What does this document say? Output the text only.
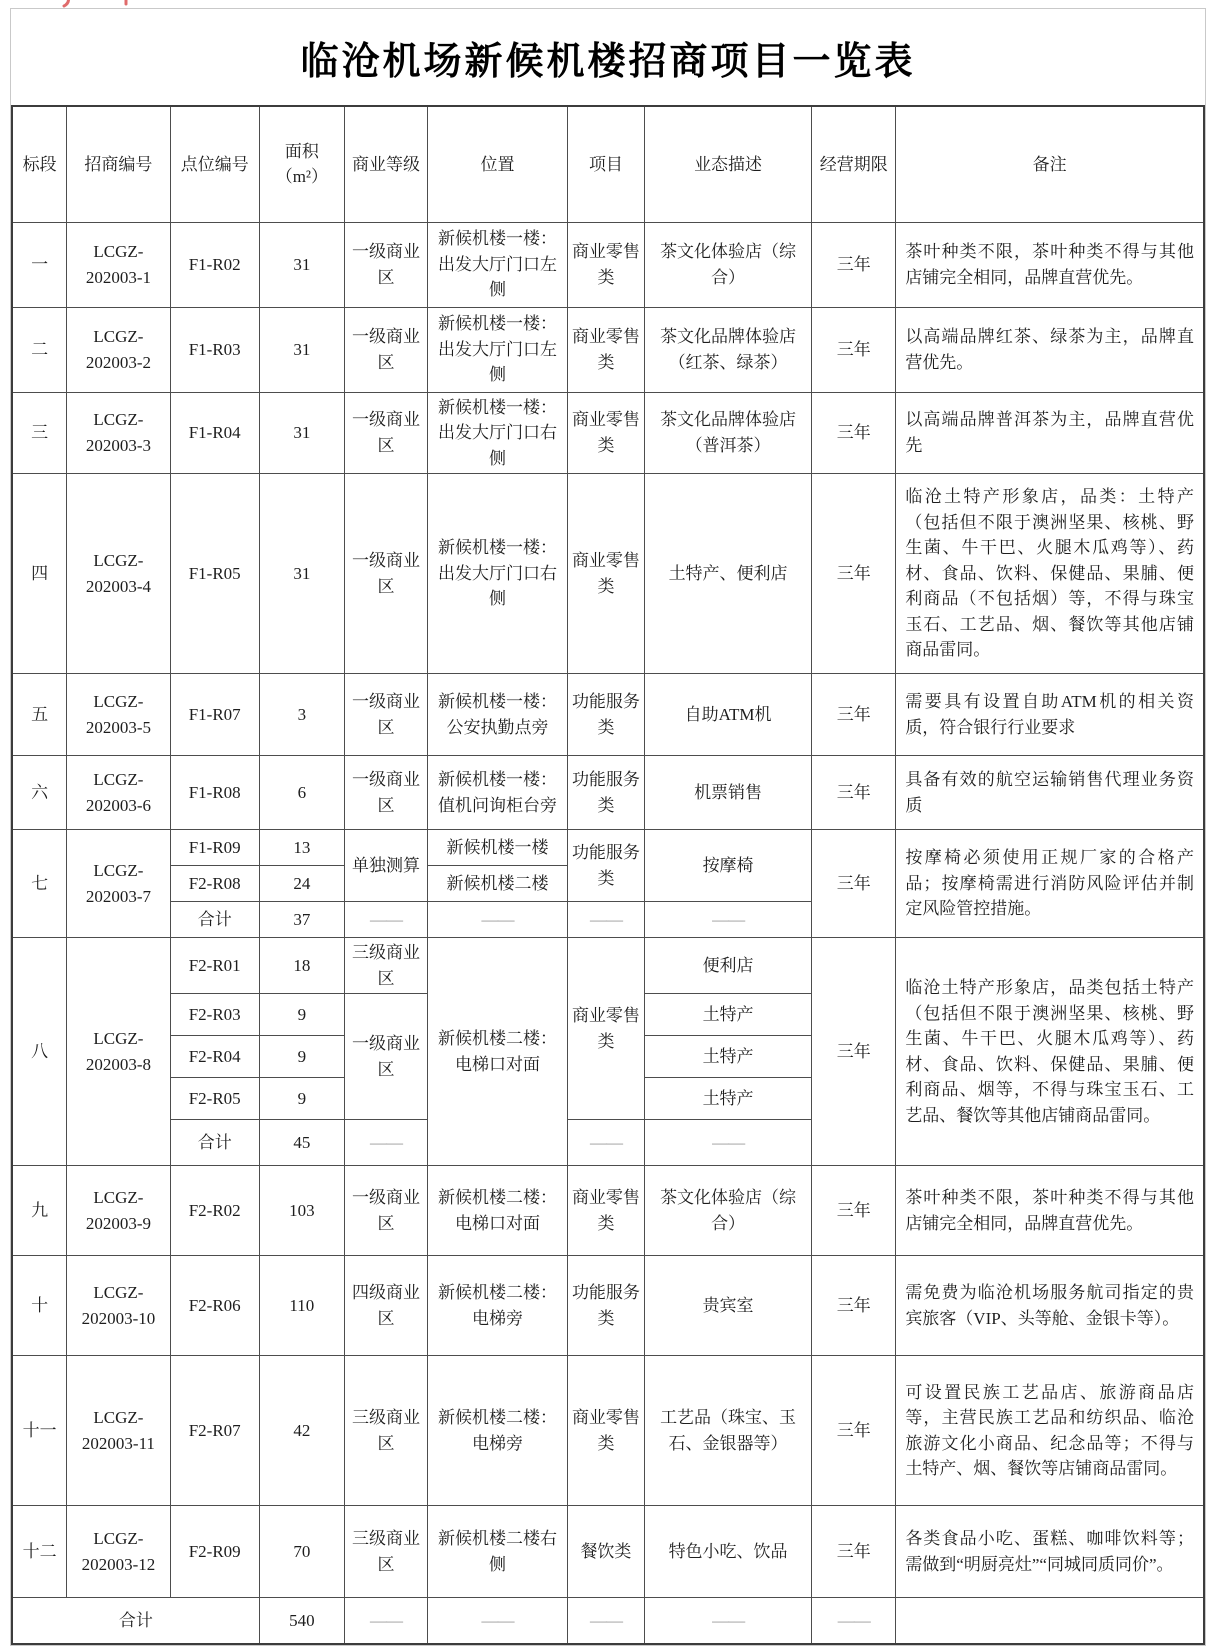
临沧机场新候机楼招商项目一览表
标段	招商编号	点位编号	面积（m²）	商业等级	位置	项目	业态描述	经营期限	备注
一	LCGZ-202003-1	F1-R02	31	一级商业区	新候机楼一楼：出发大厅门口左侧	商业零售类	茶文化体验店（综合）	三年	茶叶种类不限，茶叶种类不得与其他店铺完全相同，品牌直营优先。
二	LCGZ-202003-2	F1-R03	31	一级商业区	新候机楼一楼：出发大厅门口左侧	商业零售类	茶文化品牌体验店（红茶、绿茶）	三年	以高端品牌红茶、绿茶为主，品牌直营优先。
三	LCGZ-202003-3	F1-R04	31	一级商业区	新候机楼一楼：出发大厅门口右侧	商业零售类	茶文化品牌体验店（普洱茶）	三年	以高端品牌普洱茶为主，品牌直营优先
四	LCGZ-202003-4	F1-R05	31	一级商业区	新候机楼一楼：出发大厅门口右侧	商业零售类	土特产、便利店	三年	临沧土特产形象店，品类：土特产（包括但不限于澳洲坚果、核桃、野生菌、牛干巴、火腿木瓜鸡等）、药材、食品、饮料、保健品、果脯、便利商品（不包括烟）等，不得与珠宝玉石、工艺品、烟、餐饮等其他店铺商品雷同。
五	LCGZ-202003-5	F1-R07	3	一级商业区	新候机楼一楼：公安执勤点旁	功能服务类	自助ATM机	三年	需要具有设置自助ATM机的相关资质，符合银行行业要求
六	LCGZ-202003-6	F1-R08	6	一级商业区	新候机楼一楼：值机问询柜台旁	功能服务类	机票销售	三年	具备有效的航空运输销售代理业务资质
七	LCGZ-202003-7	F1-R09	13	单独测算	新候机楼一楼	功能服务类	按摩椅	三年	按摩椅必须使用正规厂家的合格产品；按摩椅需进行消防风险评估并制定风险管控措施。
		F2-R08	24		新候机楼二楼				
		合计	37	——	——	——	——		
八	LCGZ-202003-8	F2-R01	18	三级商业区	新候机楼二楼：电梯口对面	商业零售类	便利店	三年	临沧土特产形象店，品类包括土特产（包括但不限于澳洲坚果、核桃、野生菌、牛干巴、火腿木瓜鸡等）、药材、食品、饮料、保健品、果脯、便利商品、烟等，不得与珠宝玉石、工艺品、餐饮等其他店铺商品雷同。
		F2-R03	9	一级商业区			土特产		
		F2-R04	9				土特产		
		F2-R05	9				土特产		
		合计	45	——		——	——		
九	LCGZ-202003-9	F2-R02	103	一级商业区	新候机楼二楼：电梯口对面	商业零售类	茶文化体验店（综合）	三年	茶叶种类不限，茶叶种类不得与其他店铺完全相同，品牌直营优先。
十	LCGZ-202003-10	F2-R06	110	四级商业区	新候机楼二楼：电梯旁	功能服务类	贵宾室	三年	需免费为临沧机场服务航司指定的贵宾旅客（VIP、头等舱、金银卡等）。
十一	LCGZ-202003-11	F2-R07	42	三级商业区	新候机楼二楼：电梯旁	商业零售类	工艺品（珠宝、玉石、金银器等）	三年	可设置民族工艺品店、旅游商品店等，主营民族工艺品和纺织品、临沧旅游文化小商品、纪念品等；不得与土特产、烟、餐饮等店铺商品雷同。
十二	LCGZ-202003-12	F2-R09	70	三级商业区	新候机楼二楼右侧	餐饮类	特色小吃、饮品	三年	各类食品小吃、蛋糕、咖啡饮料等；需做到“明厨亮灶”“同城同质同价”。
合计			540	——	——	——	——	——	
